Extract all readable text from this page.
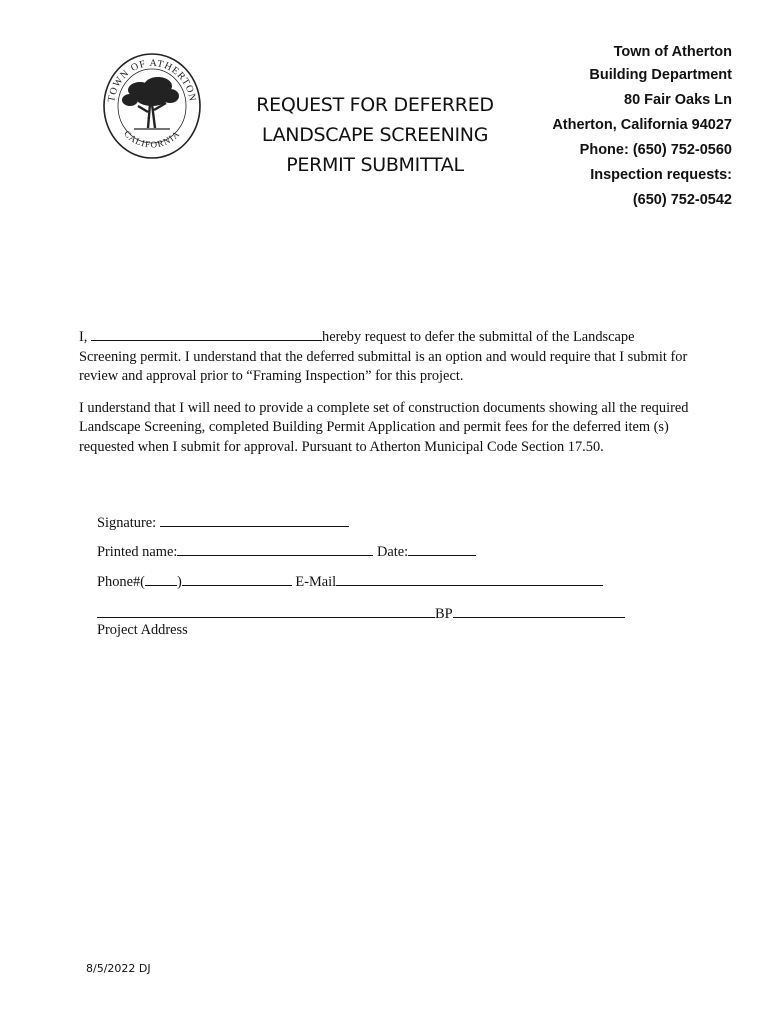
TOWN OF ATHERTON
CALIFORNIA
REQUEST FOR DEFERRED
LANDSCAPE SCREENING
PERMIT SUBMITTAL
Town of Atherton
Building Department
80 Fair Oaks Ln
Atherton, California 94027
Phone: (650) 752-0560
Inspection requests:
(650) 752-0542

I,	hereby request to defer the submittal of the Landscape Screening permit. I understand that the deferred submittal is an option and would require that I submit for review and approval prior to “Framing Inspection” for this project.

I understand that I will need to provide a complete set of construction documents showing all the required Landscape Screening, completed Building Permit Application and permit fees for the deferred item (s) requested when I submit for approval. Pursuant to Atherton Municipal Code Section 17.50.

Signature:
Printed name:	Date:
Phone#( )	E-Mail
BP
Project Address
8/5/2022 DJ
